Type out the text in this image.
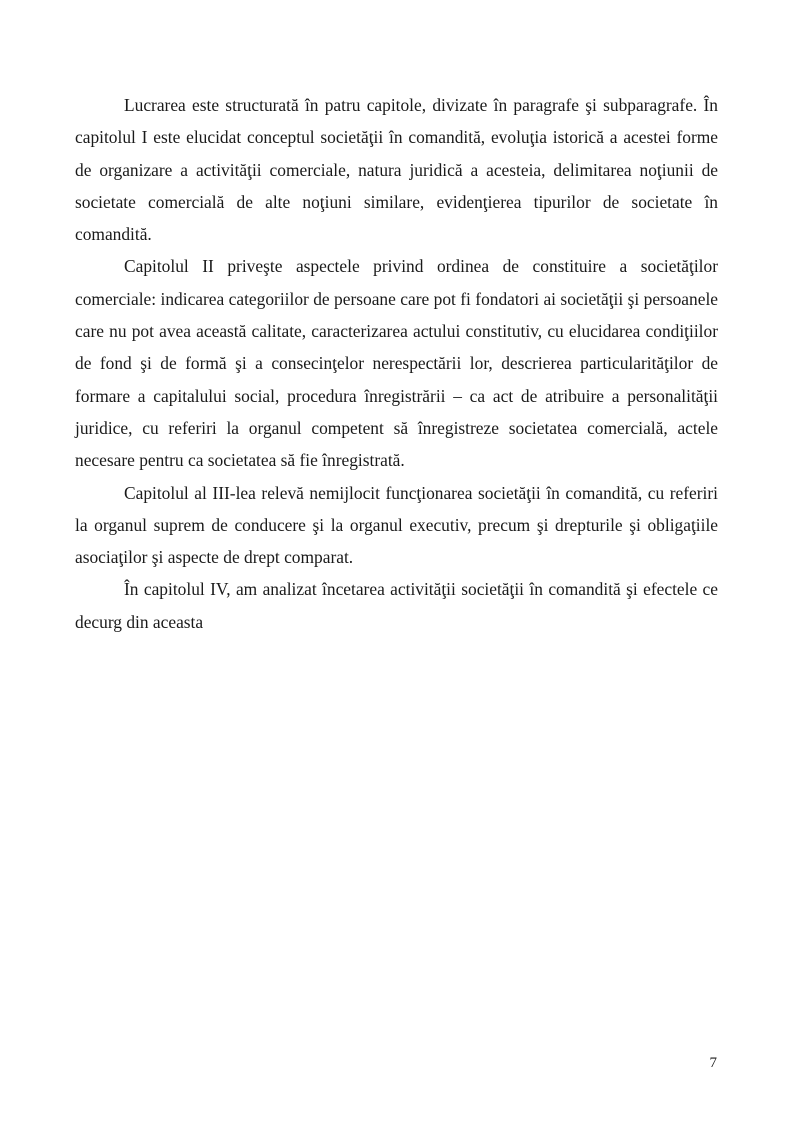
Lucrarea este structurată în patru capitole, divizate în paragrafe şi subparagrafe. În capitolul I este elucidat conceptul societăţii în comandită, evoluţia istorică a acestei forme de organizare a activităţii comerciale, natura juridică a acesteia, delimitarea noţiunii de societate comercială de alte noţiuni similare, evidenţierea tipurilor de societate în comandită.

Capitolul II priveşte aspectele privind ordinea de constituire a societăţilor comerciale: indicarea categoriilor de persoane care pot fi fondatori ai societăţii şi persoanele care nu pot avea această calitate, caracterizarea actului constitutiv, cu elucidarea condiţiilor de fond şi de formă şi a consecinţelor nerespectării lor, descrierea particularităţilor de formare a capitalului social, procedura înregistrării – ca act de atribuire a personalităţii juridice, cu referiri la organul competent să înregistreze societatea comercială, actele necesare pentru ca societatea să fie înregistrată.

Capitolul al III-lea relevă nemijlocit funcţionarea societăţii în comandită, cu referiri la organul suprem de conducere şi la organul executiv, precum şi drepturile şi obligaţiile asociaţilor şi aspecte de drept comparat.

În capitolul IV, am analizat încetarea activităţii societăţii în comandită şi efectele ce decurg din aceasta

7
